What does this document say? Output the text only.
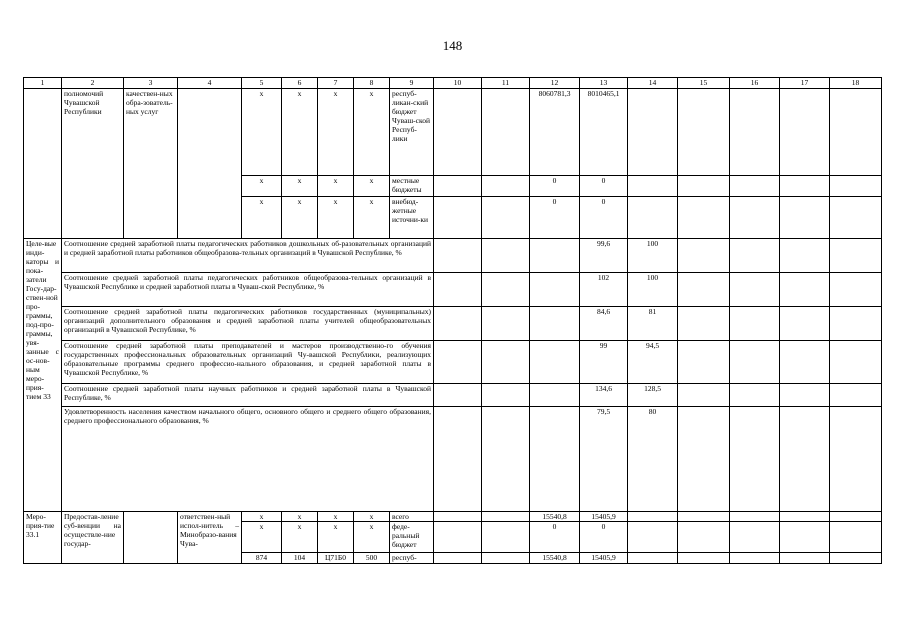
148
1	2	3	4	5	6	7	8	9	10	11	12	13	14	15	16	17	18	
	полномочий Чувашской Республики	качествен-ных обра-зователь-ных услуг		x	x	x	x	респуб-ликан-ский бюджет Чуваш-ской Респуб-лики			8060781,3	8010465,1						
				x	x	x	x	местные бюджеты			0	0						
				x	x	x	x	внебюд-жетные источни-ки			0	0						
Целе-вые инди-каторы и пока-затели Госу-дар-ствен-ной про-граммы, под-про-граммы, увя-занные с ос-нов-ным меро-прия-тием 33	Соотношение средней заработной платы педагогических работников дошкольных об-разовательных организаций и средней заработной платы работников общеобразова-тельных организаций в Чувашской Республике, %											99,6	100					
	Соотношение средней заработной платы педагогических работников общеобразова-тельных организаций в Чувашской Республике и средней заработной платы в Чуваш-ской Республике, %											102	100					
	Соотношение средней заработной платы педагогических работников государственных (муниципальных) организаций дополнительного образования и средней заработной платы учителей общеобразовательных организаций в Чувашской Республике, %											84,6	81					
	Соотношение средней заработной платы преподавателей и мастеров производственно-го обучения государственных профессиональных образовательных организаций Чу-вашской Республики, реализующих образовательные программы среднего профессио-нального образования, и средней заработной платы в Чувашской Республике, %											99	94,5					
	Соотношение средней заработной платы научных работников и средней заработной платы в Чувашской Республике, %											134,6	128,5					
	Удовлетворенность населения качеством начального общего, основного общего и среднего общего образования, среднего профессионального образования, %											79,5	80					
Меро-прия-тие 33.1	Предостав-ление суб-венции на осуществле-ние государ-		ответствен-ный испол-нитель – Минобразо-вания Чува-	x	x	x	x	всего			15540,8	15405,9						
				x	x	x	x	феде-ральный бюджет			0	0						
				874	104	Ц71Б0	500	респуб-			15540,8	15405,9						
